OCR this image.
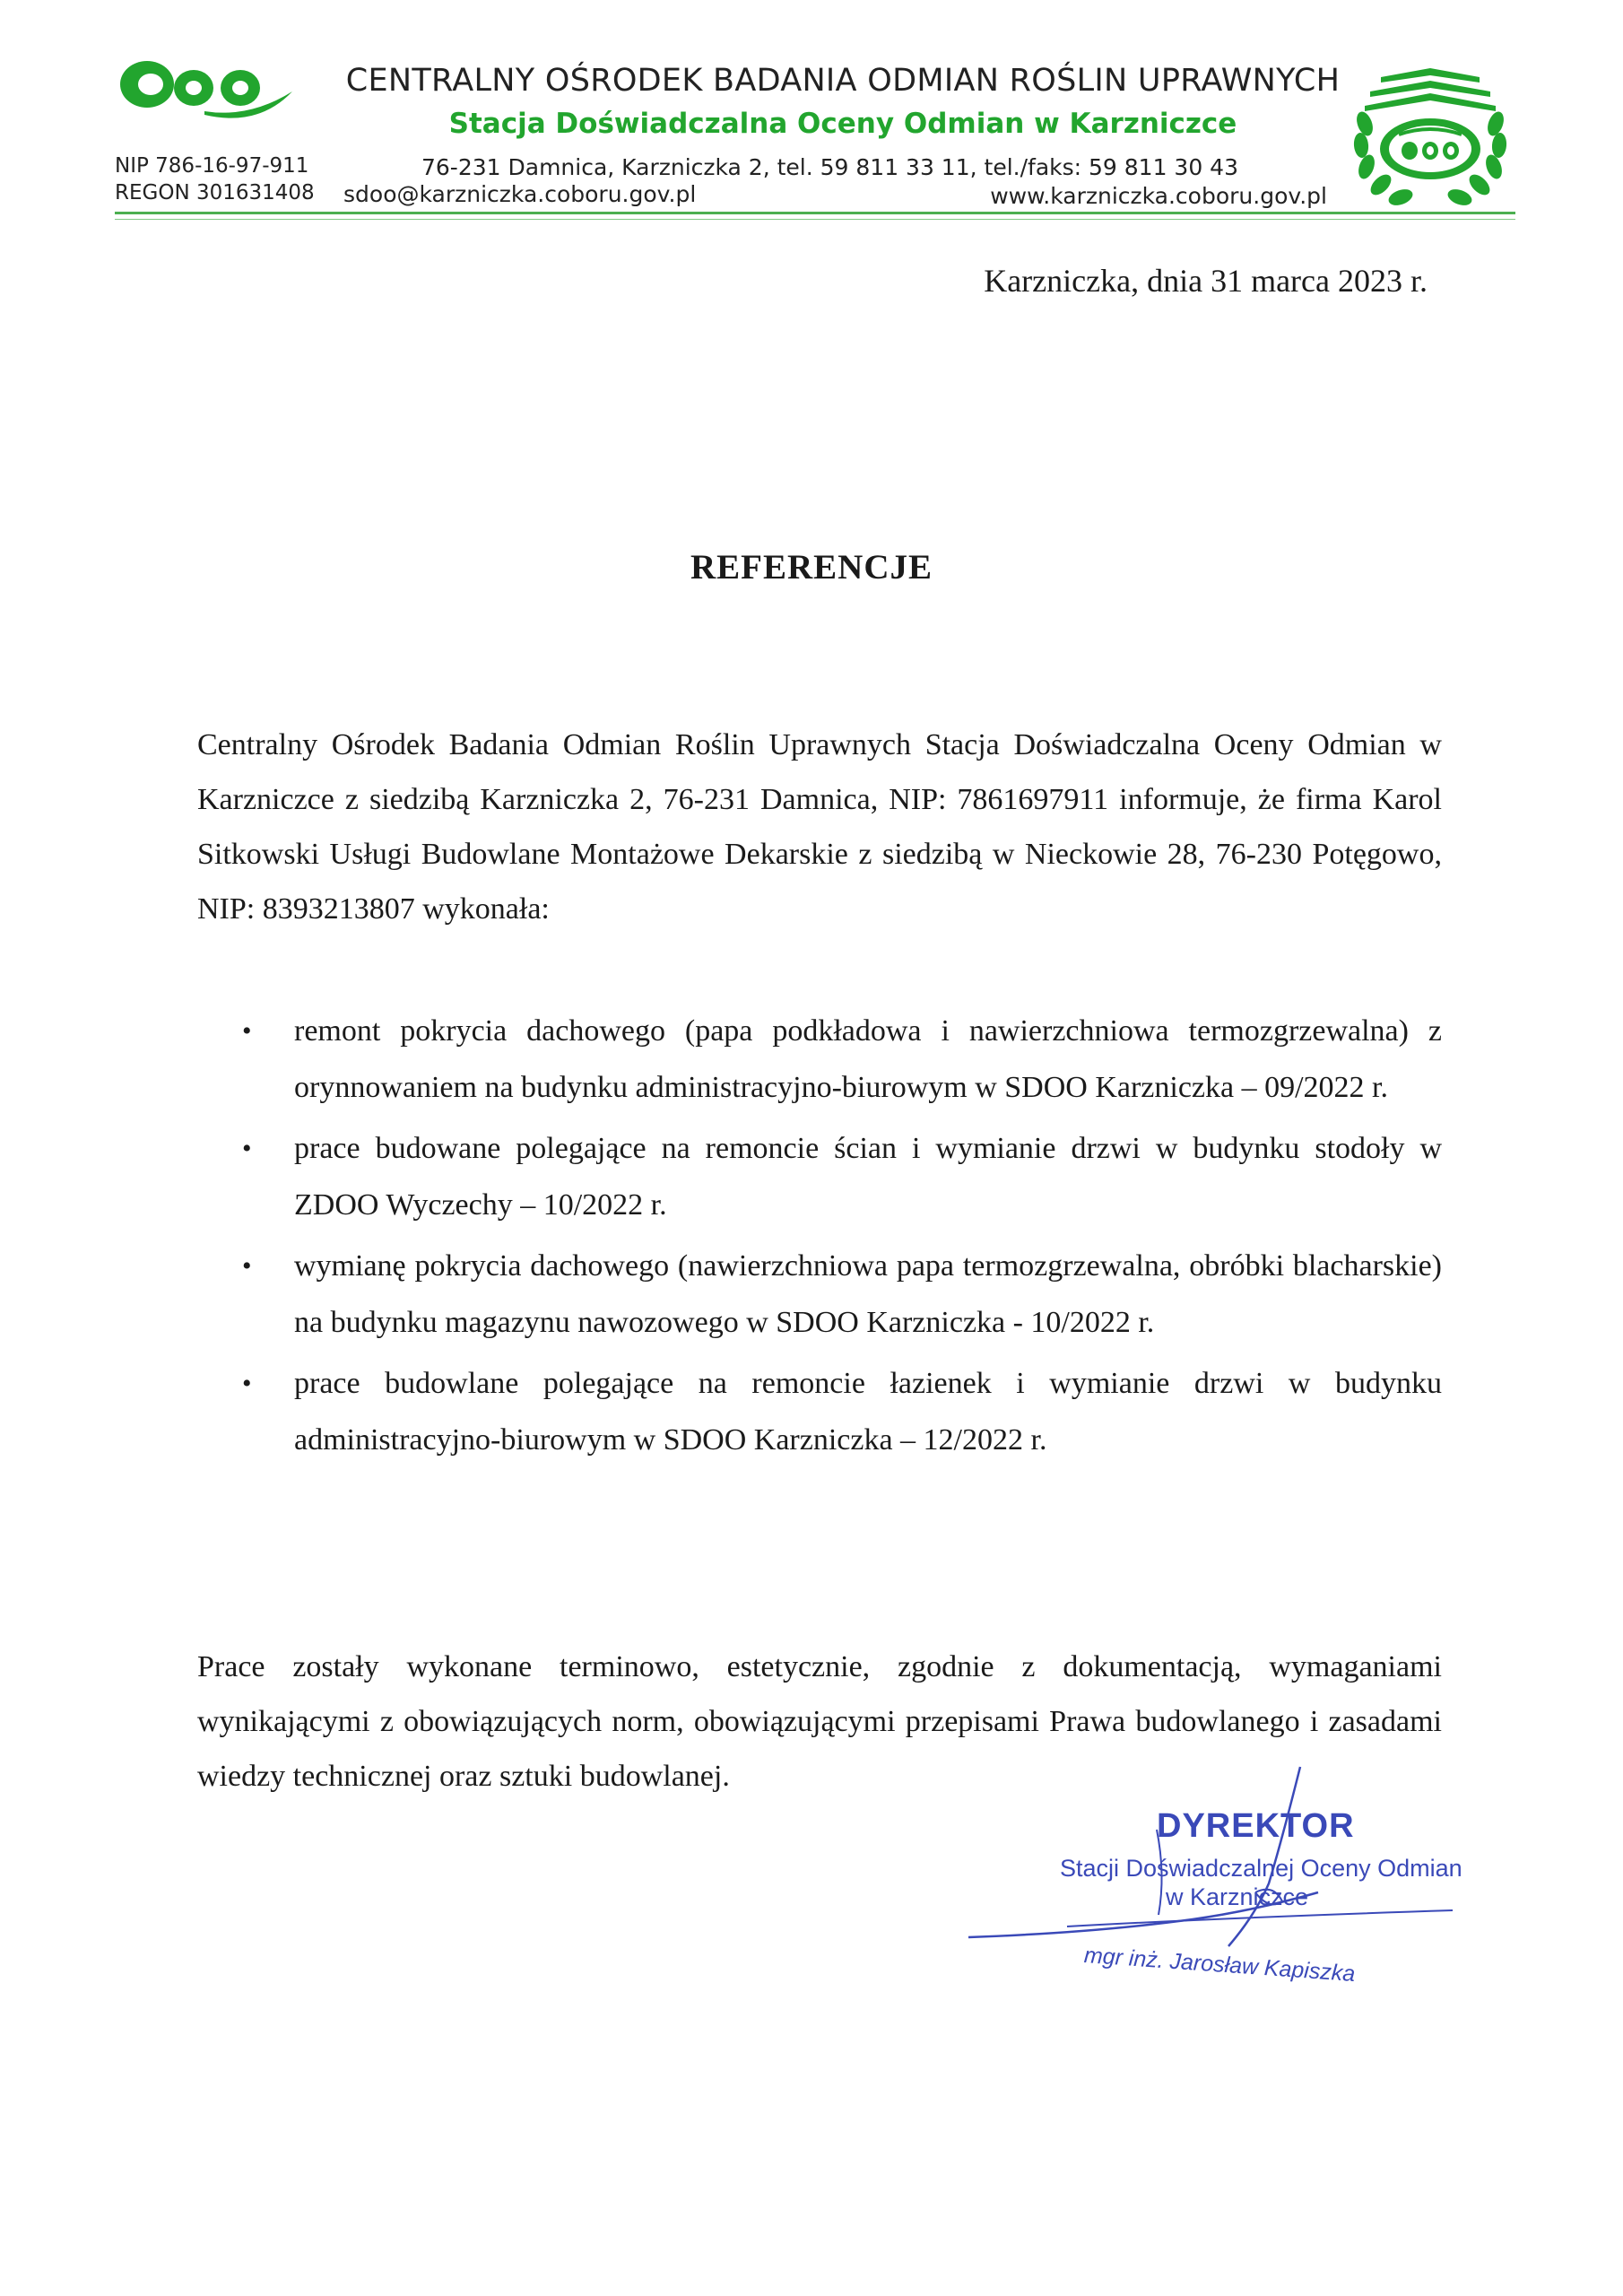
CENTRALNY OŚRODEK BADANIA ODMIAN ROŚLIN UPRAWNYCH
Stacja Doświadczalna Oceny Odmian w Karzniczce
NIP 786-16-97-911
REGON 301631408
76-231 Damnica, Karzniczka 2, tel. 59 811 33 11, tel./faks: 59 811 30 43
sdoo@karzniczka.coboru.gov.pl	www.karzniczka.coboru.gov.pl
Karzniczka, dnia 31 marca 2023 r.
REFERENCJE
Centralny Ośrodek Badania Odmian Roślin Uprawnych Stacja Doświadczalna Oceny Odmian w Karzniczce z siedzibą Karzniczka 2, 76-231 Damnica, NIP: 7861697911 informuje, że firma Karol Sitkowski Usługi Budowlane Montażowe Dekarskie z siedzibą w Nieckowie 28, 76-230 Potęgowo, NIP: 8393213807 wykonała:
• remont pokrycia dachowego (papa podkładowa i nawierzchniowa termozgrzewalna) z orynnowaniem na budynku administracyjno-biurowym w SDOO Karzniczka – 09/2022 r.
• prace budowane polegające na remoncie ścian i wymianie drzwi w budynku stodoły w ZDOO Wyczechy – 10/2022 r.
• wymianę pokrycia dachowego (nawierzchniowa papa termozgrzewalna, obróbki blacharskie) na budynku magazynu nawozowego w SDOO Karzniczka - 10/2022 r.
• prace budowlane polegające na remoncie łazienek i wymianie drzwi w budynku administracyjno-biurowym w SDOO Karzniczka – 12/2022 r.
Prace zostały wykonane terminowo, estetycznie, zgodnie z dokumentacją, wymaganiami wynikającymi z obowiązujących norm, obowiązującymi przepisami Prawa budowlanego i zasadami wiedzy technicznej oraz sztuki budowlanej.
DYREKTOR
Stacji Doświadczalnej Oceny Odmian
w Karzniczce
mgr inż. Jarosław Kapiszka
